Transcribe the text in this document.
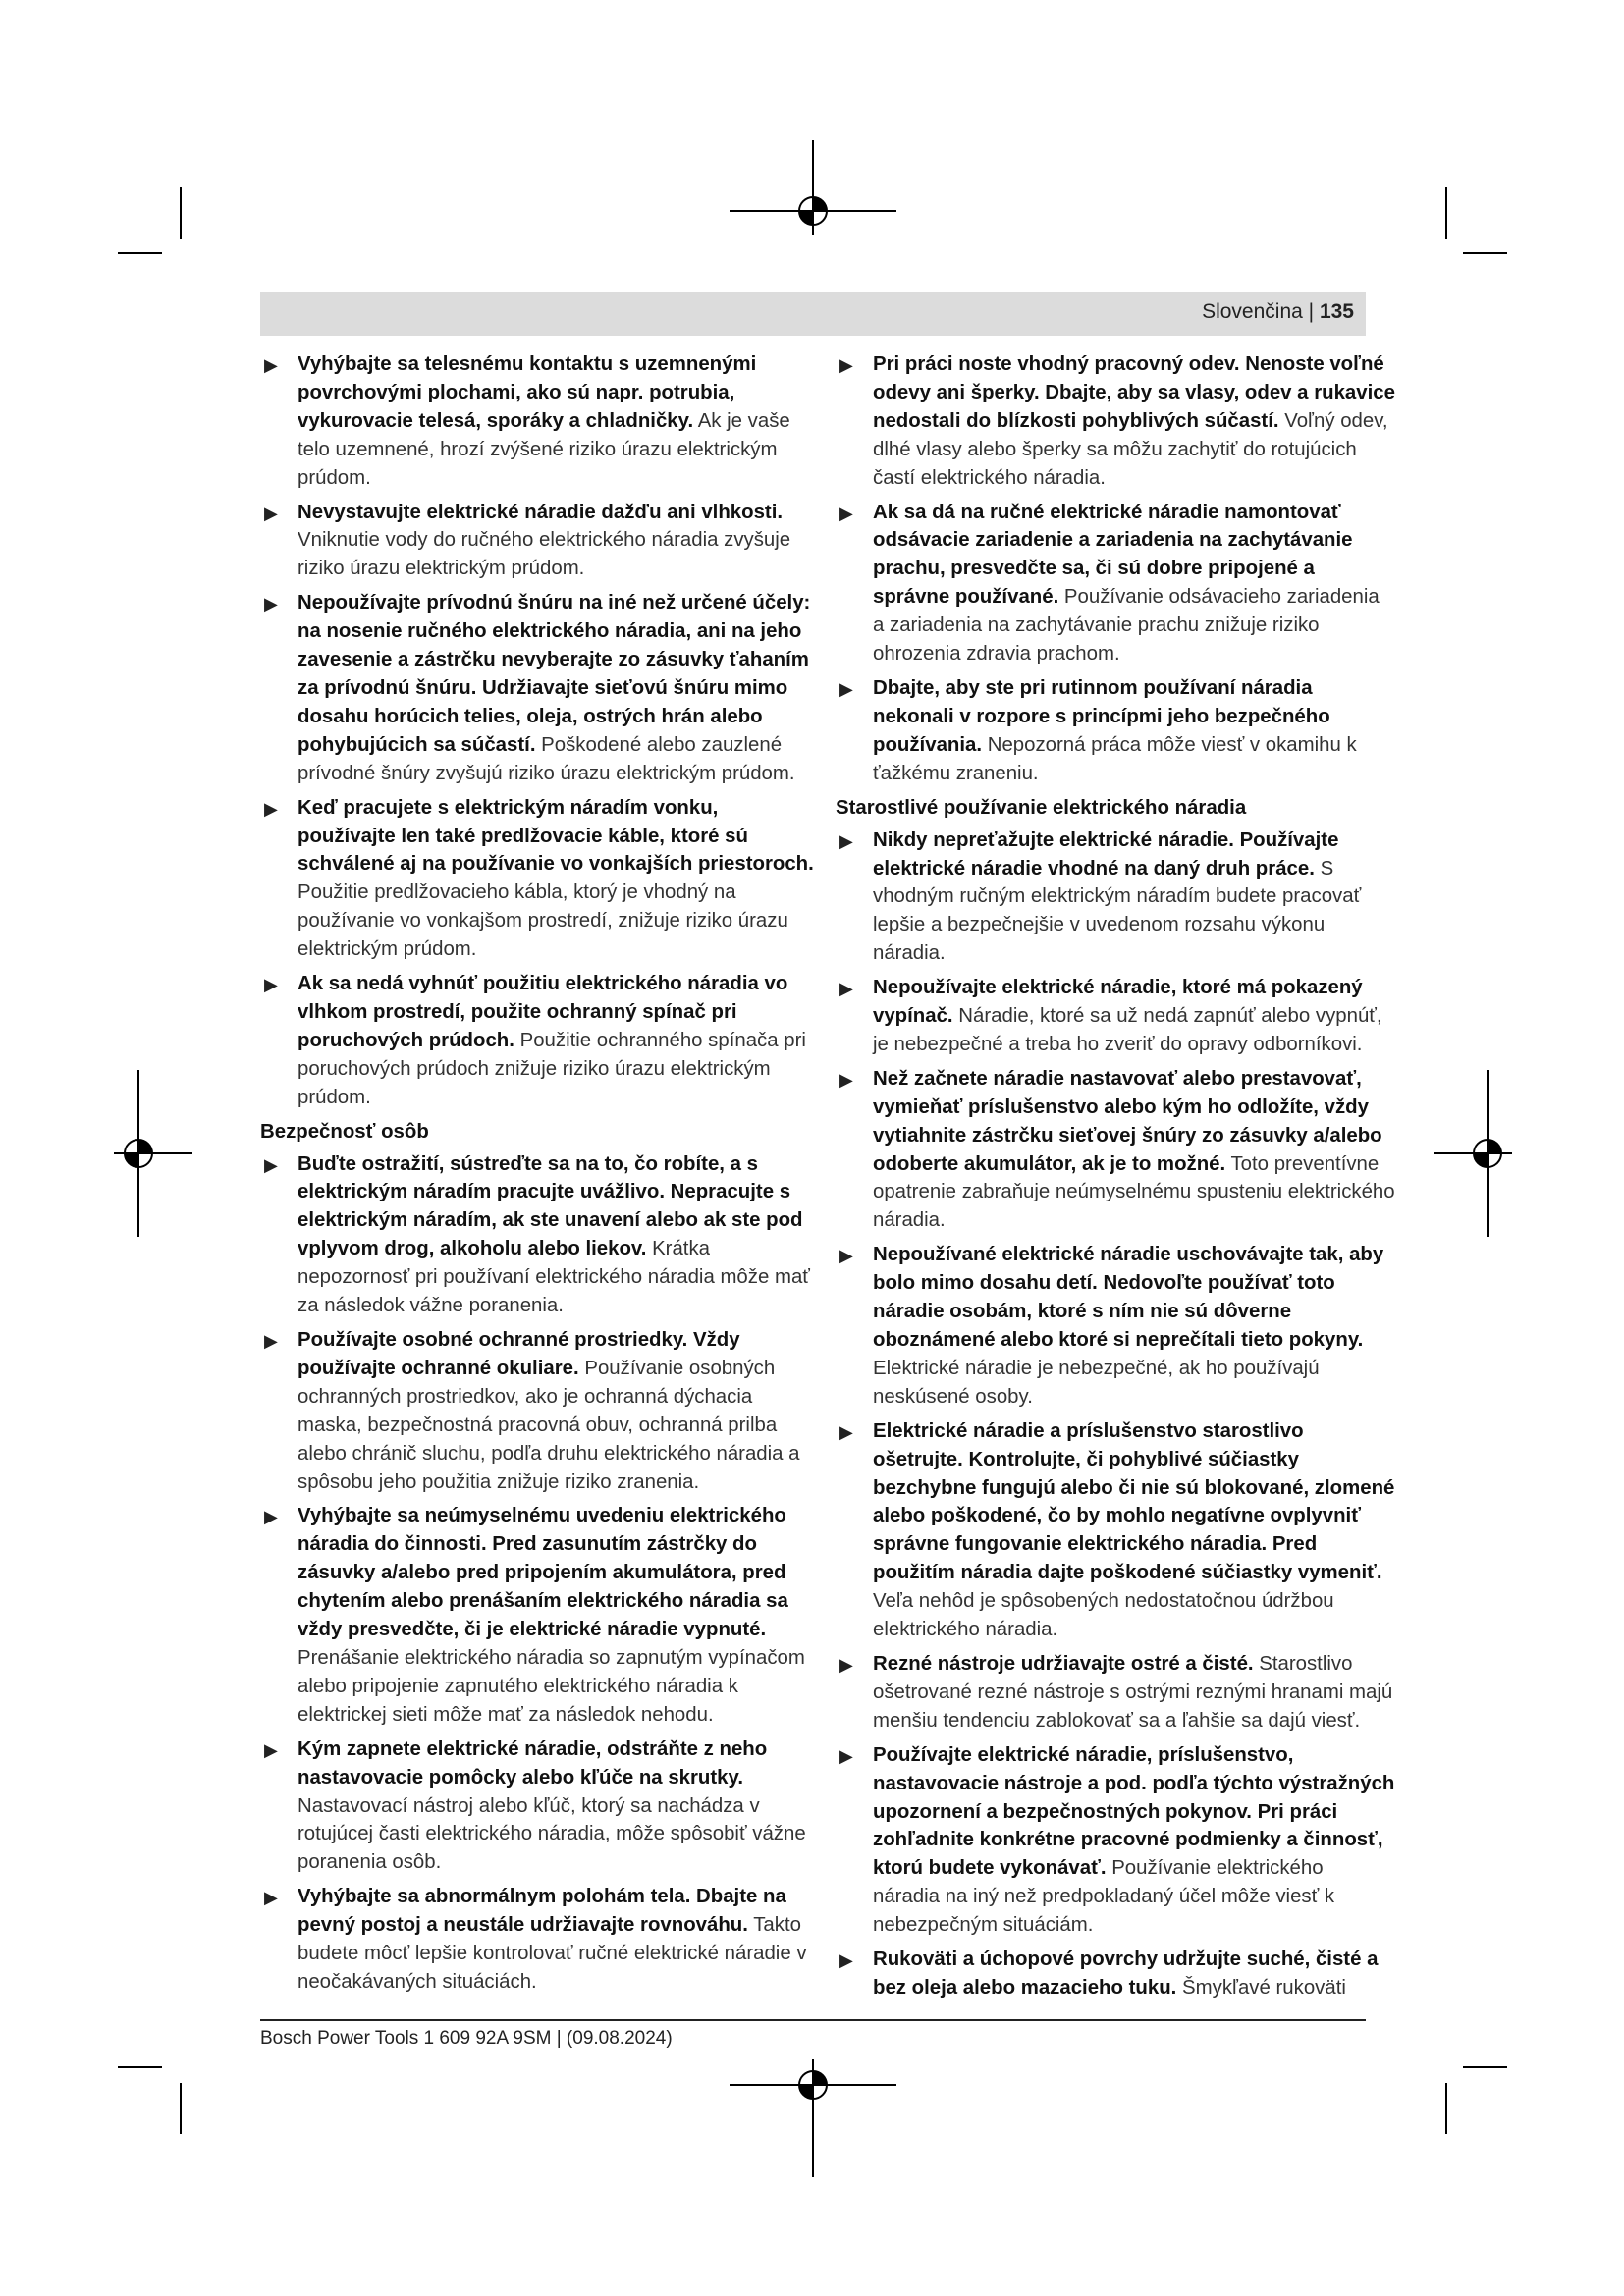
Slovenčina | 135
▶ Vyhýbajte sa telesnému kontaktu s uzemnenými povrchovými plochami, ako sú napr. potrubia, vykurovacie telesá, sporáky a chladničky. Ak je vaše telo uzemnené, hrozí zvýšené riziko úrazu elektrickým prúdom.
▶ Nevystavujte elektrické náradie dažďu ani vlhkosti. Vniknutie vody do ručného elektrického náradia zvyšuje riziko úrazu elektrickým prúdom.
▶ Nepoužívajte prívodnú šnúru na iné než určené účely: na nosenie ručného elektrického náradia, ani na jeho zavesenie a zástrčku nevyberajte zo zásuvky ťahaním za prívodnú šnúru. Udržiavajte sieťovú šnúru mimo dosahu horúcich telies, oleja, ostrých hrán alebo pohybujúcich sa súčastí. Poškodené alebo zauzlené prívodné šnúry zvyšujú riziko úrazu elektrickým prúdom.
▶ Keď pracujete s elektrickým náradím vonku, používajte len také predlžovacie káble, ktoré sú schválené aj na používanie vo vonkajších priestoroch. Použitie predlžovacieho kábla, ktorý je vhodný na používanie vo vonkajšom prostredí, znižuje riziko úrazu elektrickým prúdom.
▶ Ak sa nedá vyhnúť použitiu elektrického náradia vo vlhkom prostredí, použite ochranný spínač pri poruchových prúdoch. Použitie ochranného spínača pri poruchových prúdoch znižuje riziko úrazu elektrickým prúdom.
Bezpečnosť osôb
▶ Buďte ostražití, sústreďte sa na to, čo robíte, a s elektrickým náradím pracujte uvážlivo. Nepracujte s elektrickým náradím, ak ste unavení alebo ak ste pod vplyvom drog, alkoholu alebo liekov. Krátka nepozornosť pri používaní elektrického náradia môže mať za následok vážne poranenia.
▶ Používajte osobné ochranné prostriedky. Vždy používajte ochranné okuliare. Používanie osobných ochranných prostriedkov, ako je ochranná dýchacia maska, bezpečnostná pracovná obuv, ochranná prilba alebo chránič sluchu, podľa druhu elektrického náradia a spôsobu jeho použitia znižuje riziko zranenia.
▶ Vyhýbajte sa neúmyselnému uvedeniu elektrického náradia do činnosti. Pred zasunutím zástrčky do zásuvky a/alebo pred pripojením akumulátora, pred chytením alebo prenášaním elektrického náradia sa vždy presvedčte, či je elektrické náradie vypnuté. Prenášanie elektrického náradia so zapnutým vypínačom alebo pripojenie zapnutého elektrického náradia k elektrickej sieti môže mať za následok nehodu.
▶ Kým zapnete elektrické náradie, odstráňte z neho nastavovacie pomôcky alebo kľúče na skrutky. Nastavovací nástroj alebo kľúč, ktorý sa nachádza v rotujúcej časti elektrického náradia, môže spôsobiť vážne poranenia osôb.
▶ Vyhýbajte sa abnormálnym polohám tela. Dbajte na pevný postoj a neustále udržiavajte rovnováhu. Takto budete môcť lepšie kontrolovať ručné elektrické náradie v neočakávaných situáciách.
▶ Pri práci noste vhodný pracovný odev. Nenoste voľné odevy ani šperky. Dbajte, aby sa vlasy, odev a rukavice nedostali do blízkosti pohyblivých súčastí. Voľný odev, dlhé vlasy alebo šperky sa môžu zachytiť do rotujúcich častí elektrického náradia.
▶ Ak sa dá na ručné elektrické náradie namontovať odsávacie zariadenie a zariadenia na zachytávanie prachu, presvedčte sa, či sú dobre pripojené a správne používané. Používanie odsávacieho zariadenia a zariadenia na zachytávanie prachu znižuje riziko ohrozenia zdravia prachom.
▶ Dbajte, aby ste pri rutinnom používaní náradia nekonali v rozpore s princípmi jeho bezpečného používania. Nepozorná práca môže viesť v okamihu k ťažkému zraneniu.
Starostlivé používanie elektrického náradia
▶ Nikdy nepreťažujte elektrické náradie. Používajte elektrické náradie vhodné na daný druh práce. S vhodným ručným elektrickým náradím budete pracovať lepšie a bezpečnejšie v uvedenom rozsahu výkonu náradia.
▶ Nepoužívajte elektrické náradie, ktoré má pokazený vypínač. Náradie, ktoré sa už nedá zapnúť alebo vypnúť, je nebezpečné a treba ho zveriť do opravy odborníkovi.
▶ Než začnete náradie nastavovať alebo prestavovať, vymieňať príslušenstvo alebo kým ho odložíte, vždy vytiahnite zástrčku sieťovej šnúry zo zásuvky a/alebo odoberte akumulátor, ak je to možné. Toto preventívne opatrenie zabraňuje neúmyselnému spusteniu elektrického náradia.
▶ Nepoužívané elektrické náradie uschovávajte tak, aby bolo mimo dosahu detí. Nedovoľte používať toto náradie osobám, ktoré s ním nie sú dôverne oboznámené alebo ktoré si neprečítali tieto pokyny. Elektrické náradie je nebezpečné, ak ho používajú neskúsené osoby.
▶ Elektrické náradie a príslušenstvo starostlivo ošetrujte. Kontrolujte, či pohyblivé súčiastky bezchybne fungujú alebo či nie sú blokované, zlomené alebo poškodené, čo by mohlo negatívne ovplyvniť správne fungovanie elektrického náradia. Pred použitím náradia dajte poškodené súčiastky vymeniť. Veľa nehôd je spôsobených nedostatočnou údržbou elektrického náradia.
▶ Rezné nástroje udržiavajte ostré a čisté. Starostlivo ošetrované rezné nástroje s ostrými reznými hranami majú menšiu tendenciu zablokovať sa a ľahšie sa dajú viesť.
▶ Používajte elektrické náradie, príslušenstvo, nastavovacie nástroje a pod. podľa týchto výstražných upozornení a bezpečnostných pokynov. Pri práci zohľadnite konkrétne pracovné podmienky a činnosť, ktorú budete vykonávať. Používanie elektrického náradia na iný než predpokladaný účel môže viesť k nebezpečným situáciám.
▶ Rukoväti a úchopové povrchy udržujte suché, čisté a bez oleja alebo mazacieho tuku. Šmykľavé rukoväti
Bosch Power Tools 1 609 92A 9SM | (09.08.2024)
